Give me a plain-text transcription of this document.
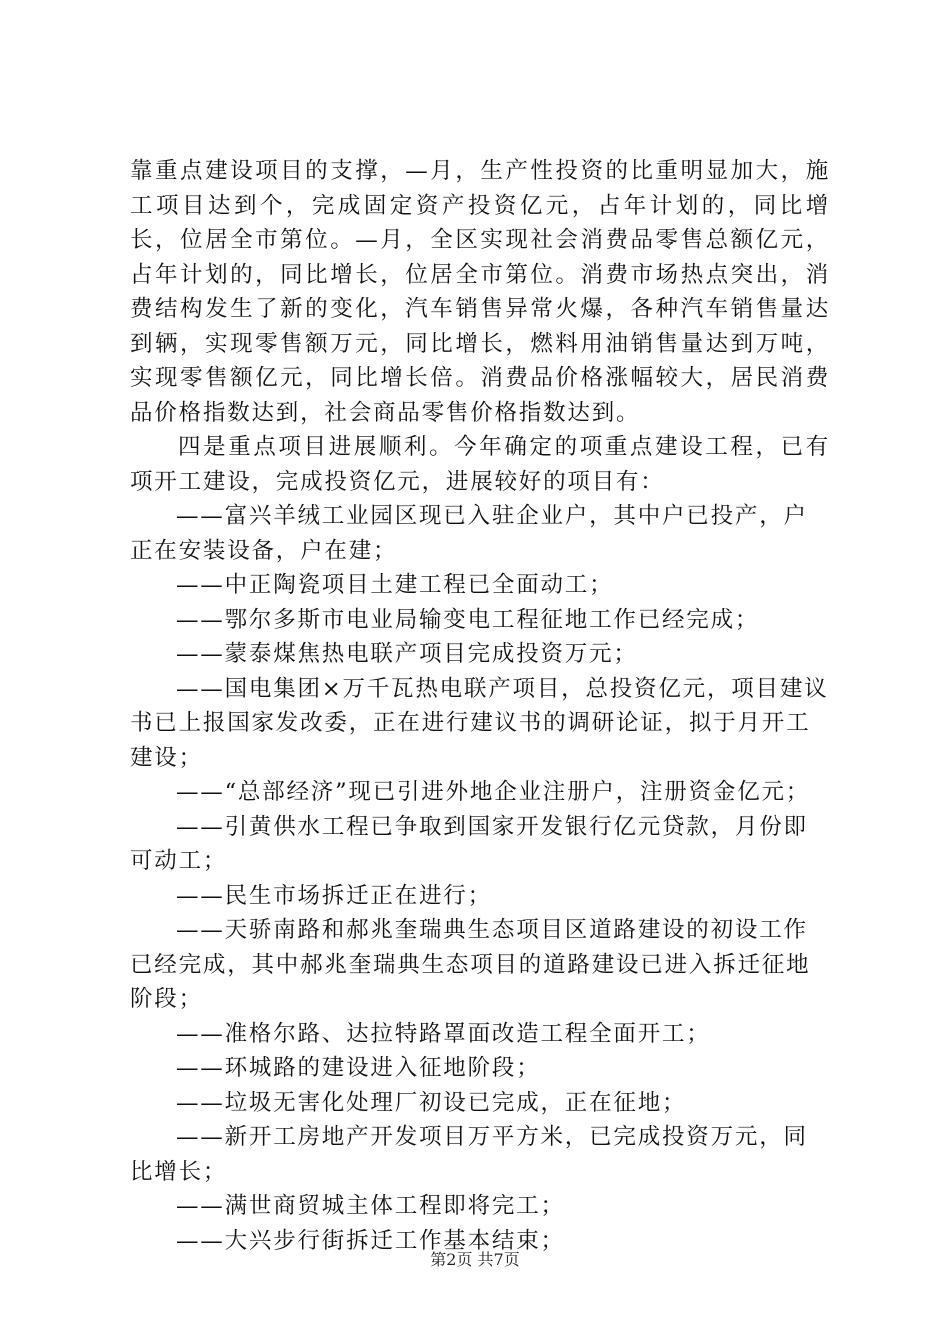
靠重点建设项目的支撑，—月，生产性投资的比重明显加大，施工项目达到个，完成固定资产投资亿元，占年计划的，同比增长，位居全市第位。—月，全区实现社会消费品零售总额亿元，占年计划的，同比增长，位居全市第位。消费市场热点突出，消费结构发生了新的变化，汽车销售异常火爆，各种汽车销售量达到辆，实现零售额万元，同比增长，燃料用油销售量达到万吨，实现零售额亿元，同比增长倍。消费品价格涨幅较大，居民消费品价格指数达到，社会商品零售价格指数达到。

四是重点项目进展顺利。今年确定的项重点建设工程，已有项开工建设，完成投资亿元，进展较好的项目有：

——富兴羊绒工业园区现已入驻企业户，其中户已投产，户正在安装设备，户在建；

——中正陶瓷项目土建工程已全面动工；

——鄂尔多斯市电业局输变电工程征地工作已经完成；

——蒙泰煤焦热电联产项目完成投资万元；

——国电集团×万千瓦热电联产项目，总投资亿元，项目建议书已上报国家发改委，正在进行建议书的调研论证，拟于月开工建设；

——“总部经济”现已引进外地企业注册户，注册资金亿元；

——引黄供水工程已争取到国家开发银行亿元贷款，月份即可动工；

——民生市场拆迁正在进行；

——天骄南路和郝兆奎瑞典生态项目区道路建设的初设工作已经完成，其中郝兆奎瑞典生态项目的道路建设已进入拆迁征地阶段；

——准格尔路、达拉特路罩面改造工程全面开工；

——环城路的建设进入征地阶段；

——垃圾无害化处理厂初设已完成，正在征地；

——新开工房地产开发项目万平方米，已完成投资万元，同比增长；

——满世商贸城主体工程即将完工；

——大兴步行街拆迁工作基本结束；

第2页 共7页
